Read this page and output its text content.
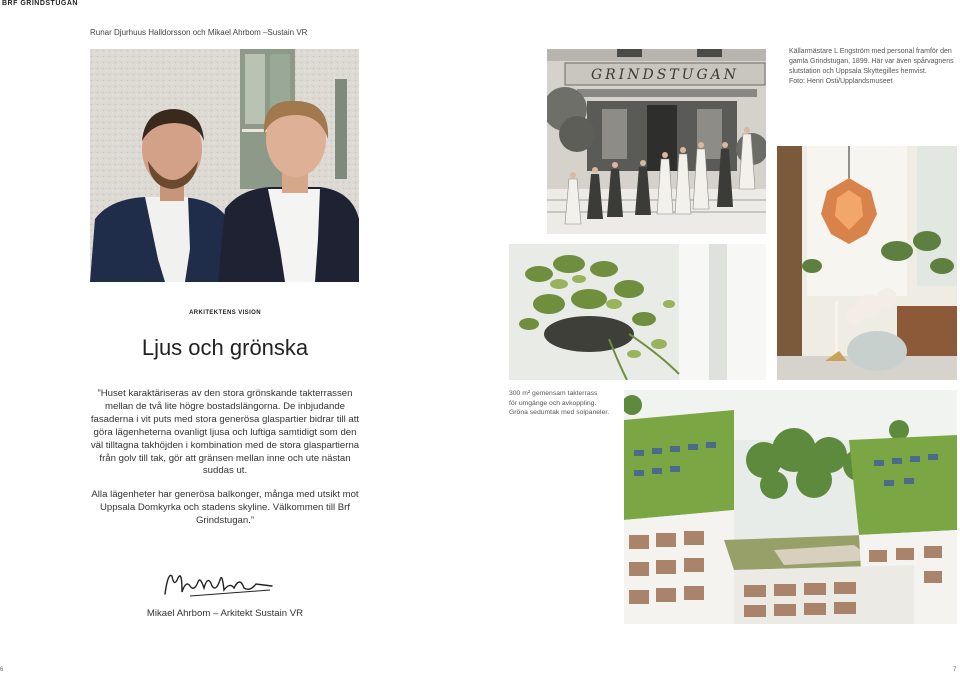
BRF GRINDSTUGAN
Runar Djurhuus Halldorsson och Mikael Ahrbom –Sustain VR
ARKITEKTENS VISION
Ljus och grönska

”Huset karaktäriseras av den stora grönskande takterrassen mellan de två lite högre bostadslängorna. De inbjudande fasaderna i vit puts med stora generösa glaspartier bidrar till att göra lägenheterna ovanligt ljusa och luftiga samtidigt som den väl tilltagna takhöjden i kombination med de stora glaspartierna från golv till tak, gör att gränsen mellan inne och ute nästan suddas ut.

Alla lägenheter har generösa balkonger, många med utsikt mot Uppsala Domkyrka och stadens skyline. Välkommen till Brf Grindstugan.”

Mikael Ahrbom – Arkitekt Sustain VR
GRINDSTUGAN
Källarmästare L Engström med personal framför den
gamla Grindstugan, 1899. Här var även spårvagnens
slutstation och Uppsala Skyttegilles hemvist.
Foto: Henri Osti/Upplandsmuseet
300 m² gemensam takterrass
för umgänge och avkoppling.
Gröna sedumtak med solpaneler.
6	7
